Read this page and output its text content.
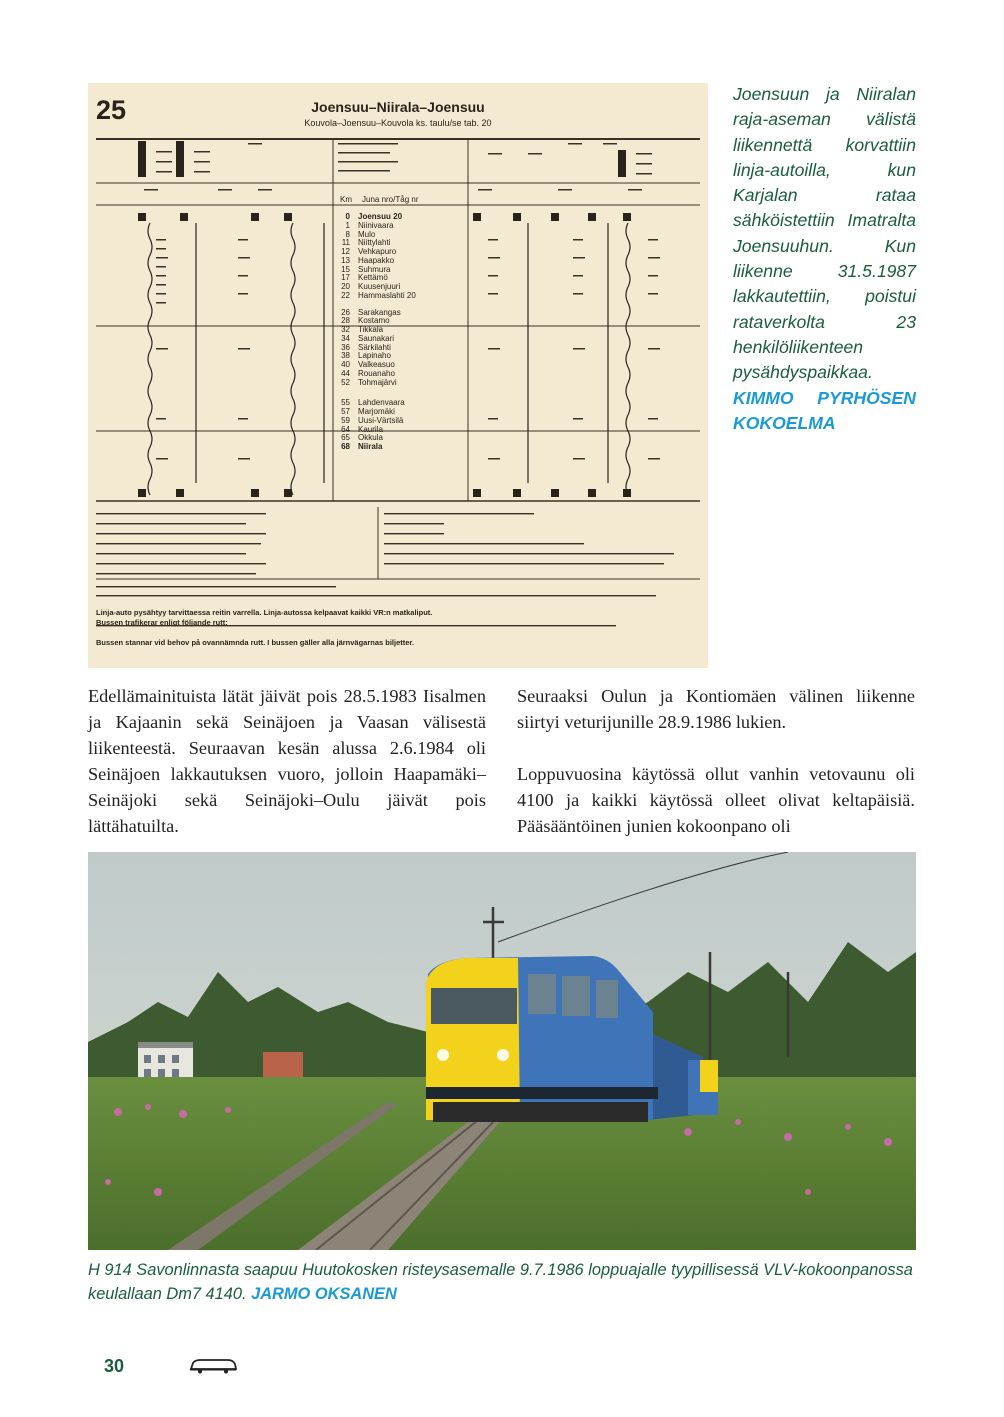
25	Joensuu–Niirala–Joensuu
Kouvola–Joensuu–Kouvola ks. taulu/se tab. 20
Km Juna nro/Tåg nr
0 Joensuu 20
1 Niinivaara
8 Mulo
11 Niittylahti
12 Vehkapuro
13 Haapakko
15 Suhmura
17 Kettämö
20 Kuusenjuuri
22 Hammaslahti 20
26 Sarakangas
28 Kostamo
32 Tikkala
34 Saunakari
36 Särkilahti
38 Lapinaho
40 Valkeasuo
44 Rouanaho
52 Tohmajärvi
55 Lahdenvaara
57 Marjomäki
59 Uusi-Värtsilä
64 Kaurila
65 Okkula
68 Niirala
Linja-auto pysähtyy tarvittaessa reitin varrella. Linja-autossa kelpaavat kaikki VR:n matkaliput.
Bussen trafikerar enligt följande rutt:
Bussen stannar vid behov på ovannämnda rutt. I bussen gäller alla järnvägarnas biljetter.
Joensuun ja Niiralan raja-aseman välistä liikennettä korvattiin linja-autoilla, kun Karjalan rataa sähköistettiin Imatralta Joensuuhun. Kun liikenne 31.5.1987 lakkautettiin, poistui rataverkolta 23 henkilöliikenteen pysähdyspaikkaa. KIMMO PYRHÖSEN KOKOELMA

Edellämainituista lätät jäivät pois 28.5.1983 Iisalmen ja Kajaanin sekä Seinäjoen ja Vaasan välisestä liikenteestä. Seuraavan kesän alussa 2.6.1984 oli Seinäjoen lakkautuksen vuoro, jolloin Haapamäki–Seinäjoki sekä Seinäjoki–Oulu jäivät pois lättähatuilta.

Seuraaksi Oulun ja Kontiomäen välinen liikenne siirtyi veturijunille 28.9.1986 lukien.

Loppuvuosina käytössä ollut vanhin vetovaunu oli 4100 ja kaikki käytössä olleet olivat keltapäisiä. Pääsääntöinen junien kokoonpano oli

H 914 Savonlinnasta saapuu Huutokosken risteysasemalle 9.7.1986 loppuajalle tyypillisessä VLV-kokoonpanossa keulallaan Dm7 4140. JARMO OKSANEN
30
